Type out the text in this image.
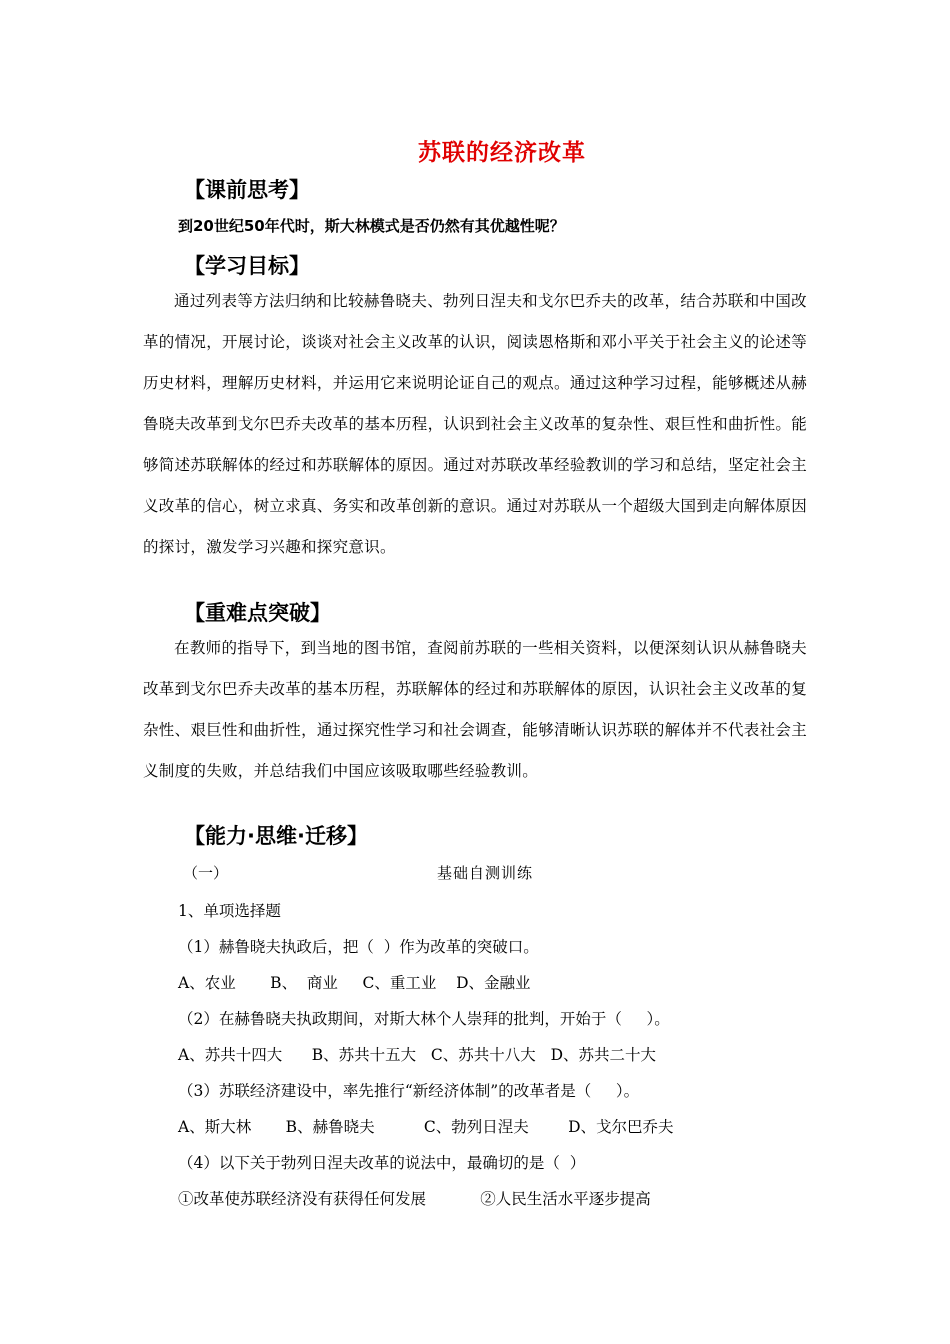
苏联的经济改革
【课前思考】
到20世纪50年代时，斯大林模式是否仍然有其优越性呢？
【学习目标】
通过列表等方法归纳和比较赫鲁晓夫、勃列日涅夫和戈尔巴乔夫的改革，结合苏联和中国改革的情况，开展讨论，谈谈对社会主义改革的认识，阅读恩格斯和邓小平关于社会主义的论述等历史材料，理解历史材料，并运用它来说明论证自己的观点。通过这种学习过程，能够概述从赫鲁晓夫改革到戈尔巴乔夫改革的基本历程，认识到社会主义改革的复杂性、艰巨性和曲折性。能够简述苏联解体的经过和苏联解体的原因。通过对苏联改革经验教训的学习和总结，坚定社会主义改革的信心，树立求真、务实和改革创新的意识。通过对苏联从一个超级大国到走向解体原因的探讨，激发学习兴趣和探究意识。
【重难点突破】
在教师的指导下，到当地的图书馆，查阅前苏联的一些相关资料，以便深刻认识从赫鲁晓夫改革到戈尔巴乔夫改革的基本历程，苏联解体的经过和苏联解体的原因，认识社会主义改革的复杂性、艰巨性和曲折性，通过探究性学习和社会调查，能够清晰认识苏联的解体并不代表社会主义制度的失败，并总结我们中国应该吸取哪些经验教训。
【能力·思维·迁移】
（一）	基础自测训练
1、单项选择题
（1）赫鲁晓夫执政后，把（  ）作为改革的突破口。
A、农业       B、  商业     C、重工业    D、金融业
（2）在赫鲁晓夫执政期间，对斯大林个人崇拜的批判，开始于（     ）。
A、苏共十四大      B、苏共十五大   C、苏共十八大   D、苏共二十大
（3）苏联经济建设中，率先推行“新经济体制”的改革者是（     ）。
A、斯大林       B、赫鲁晓夫          C、勃列日涅夫        D、戈尔巴乔夫
（4）以下关于勃列日涅夫改革的说法中，最确切的是（  ）
①改革使苏联经济没有获得任何发展           ②人民生活水平逐步提高
